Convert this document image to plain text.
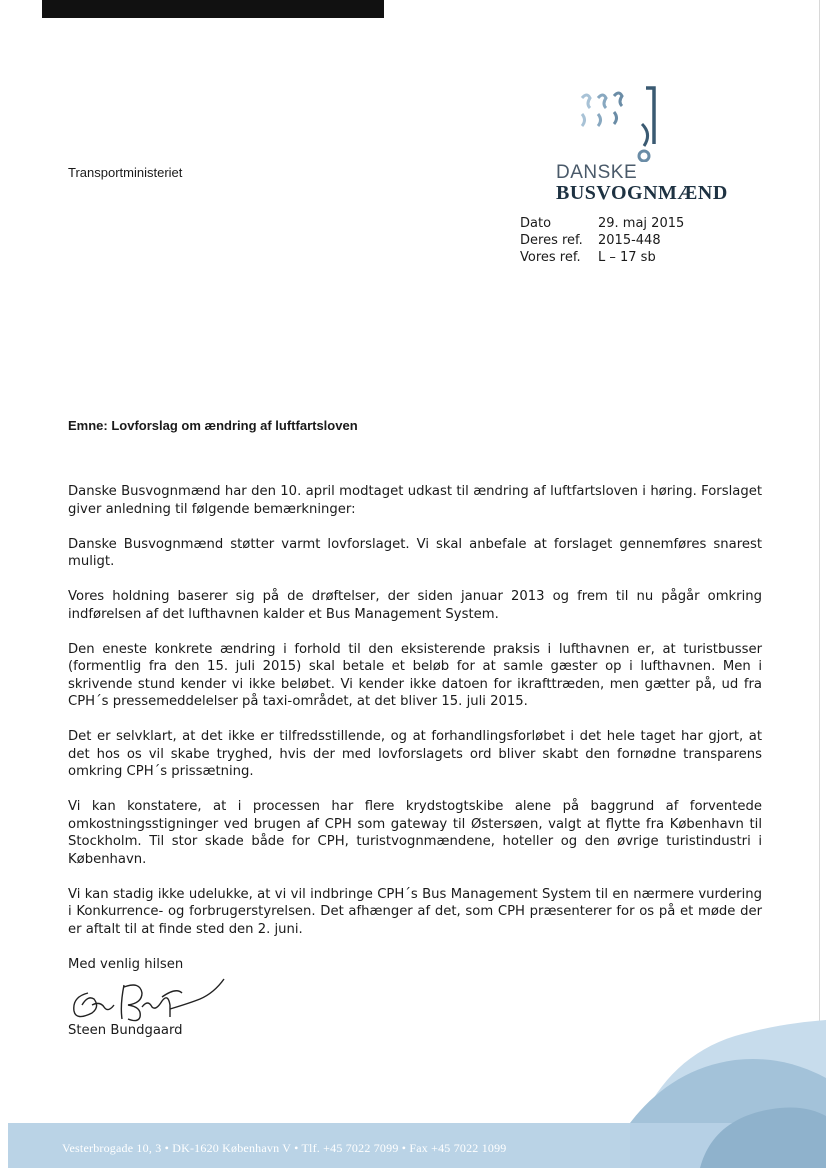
Transportministeriet	DANSKE
BUSVOGNMÆND
Dato	29. maj 2015
Deres ref.	2015-448
Vores ref.	L – 17 sb
Emne: Lovforslag om ændring af luftfartsloven

Danske Busvognmænd har den 10. april modtaget udkast til ændring af luftfartsloven i høring. Forslaget giver anledning til følgende bemærkninger:

Danske Busvognmænd støtter varmt lovforslaget. Vi skal anbefale at forslaget gennemføres snarest muligt.

Vores holdning baserer sig på de drøftelser, der siden januar 2013 og frem til nu pågår omkring indførelsen af det lufthavnen kalder et Bus Management System.

Den eneste konkrete ændring i forhold til den eksisterende praksis i lufthavnen er, at turistbusser (formentlig fra den 15. juli 2015) skal betale et beløb for at samle gæster op i lufthavnen. Men i skrivende stund kender vi ikke beløbet. Vi kender ikke datoen for ikrafttræden, men gætter på, ud fra CPH´s pressemeddelelser på taxi-området, at det bliver 15. juli 2015.

Det er selvklart, at det ikke er tilfredsstillende, og at forhandlingsforløbet i det hele taget har gjort, at det hos os vil skabe tryghed, hvis der med lovforslagets ord bliver skabt den fornødne transparens omkring CPH´s prissætning.

Vi kan konstatere, at i processen har flere krydstogtskibe alene på baggrund af forventede omkostningsstigninger ved brugen af CPH som gateway til Østersøen, valgt at flytte fra København til Stockholm. Til stor skade både for CPH, turistvognmændene, hoteller og den øvrige turistindustri i København.

Vi kan stadig ikke udelukke, at vi vil indbringe CPH´s Bus Management System til en nærmere vurdering i Konkurrence- og forbrugerstyrelsen. Det afhænger af det, som CPH præsenterer for os på et møde der er aftalt til at finde sted den 2. juni.

Med venlig hilsen
Steen Bundgaard
Vesterbrogade 10, 3 • DK-1620 København V • Tlf. +45 7022 7099 • Fax +45 7022 1099
